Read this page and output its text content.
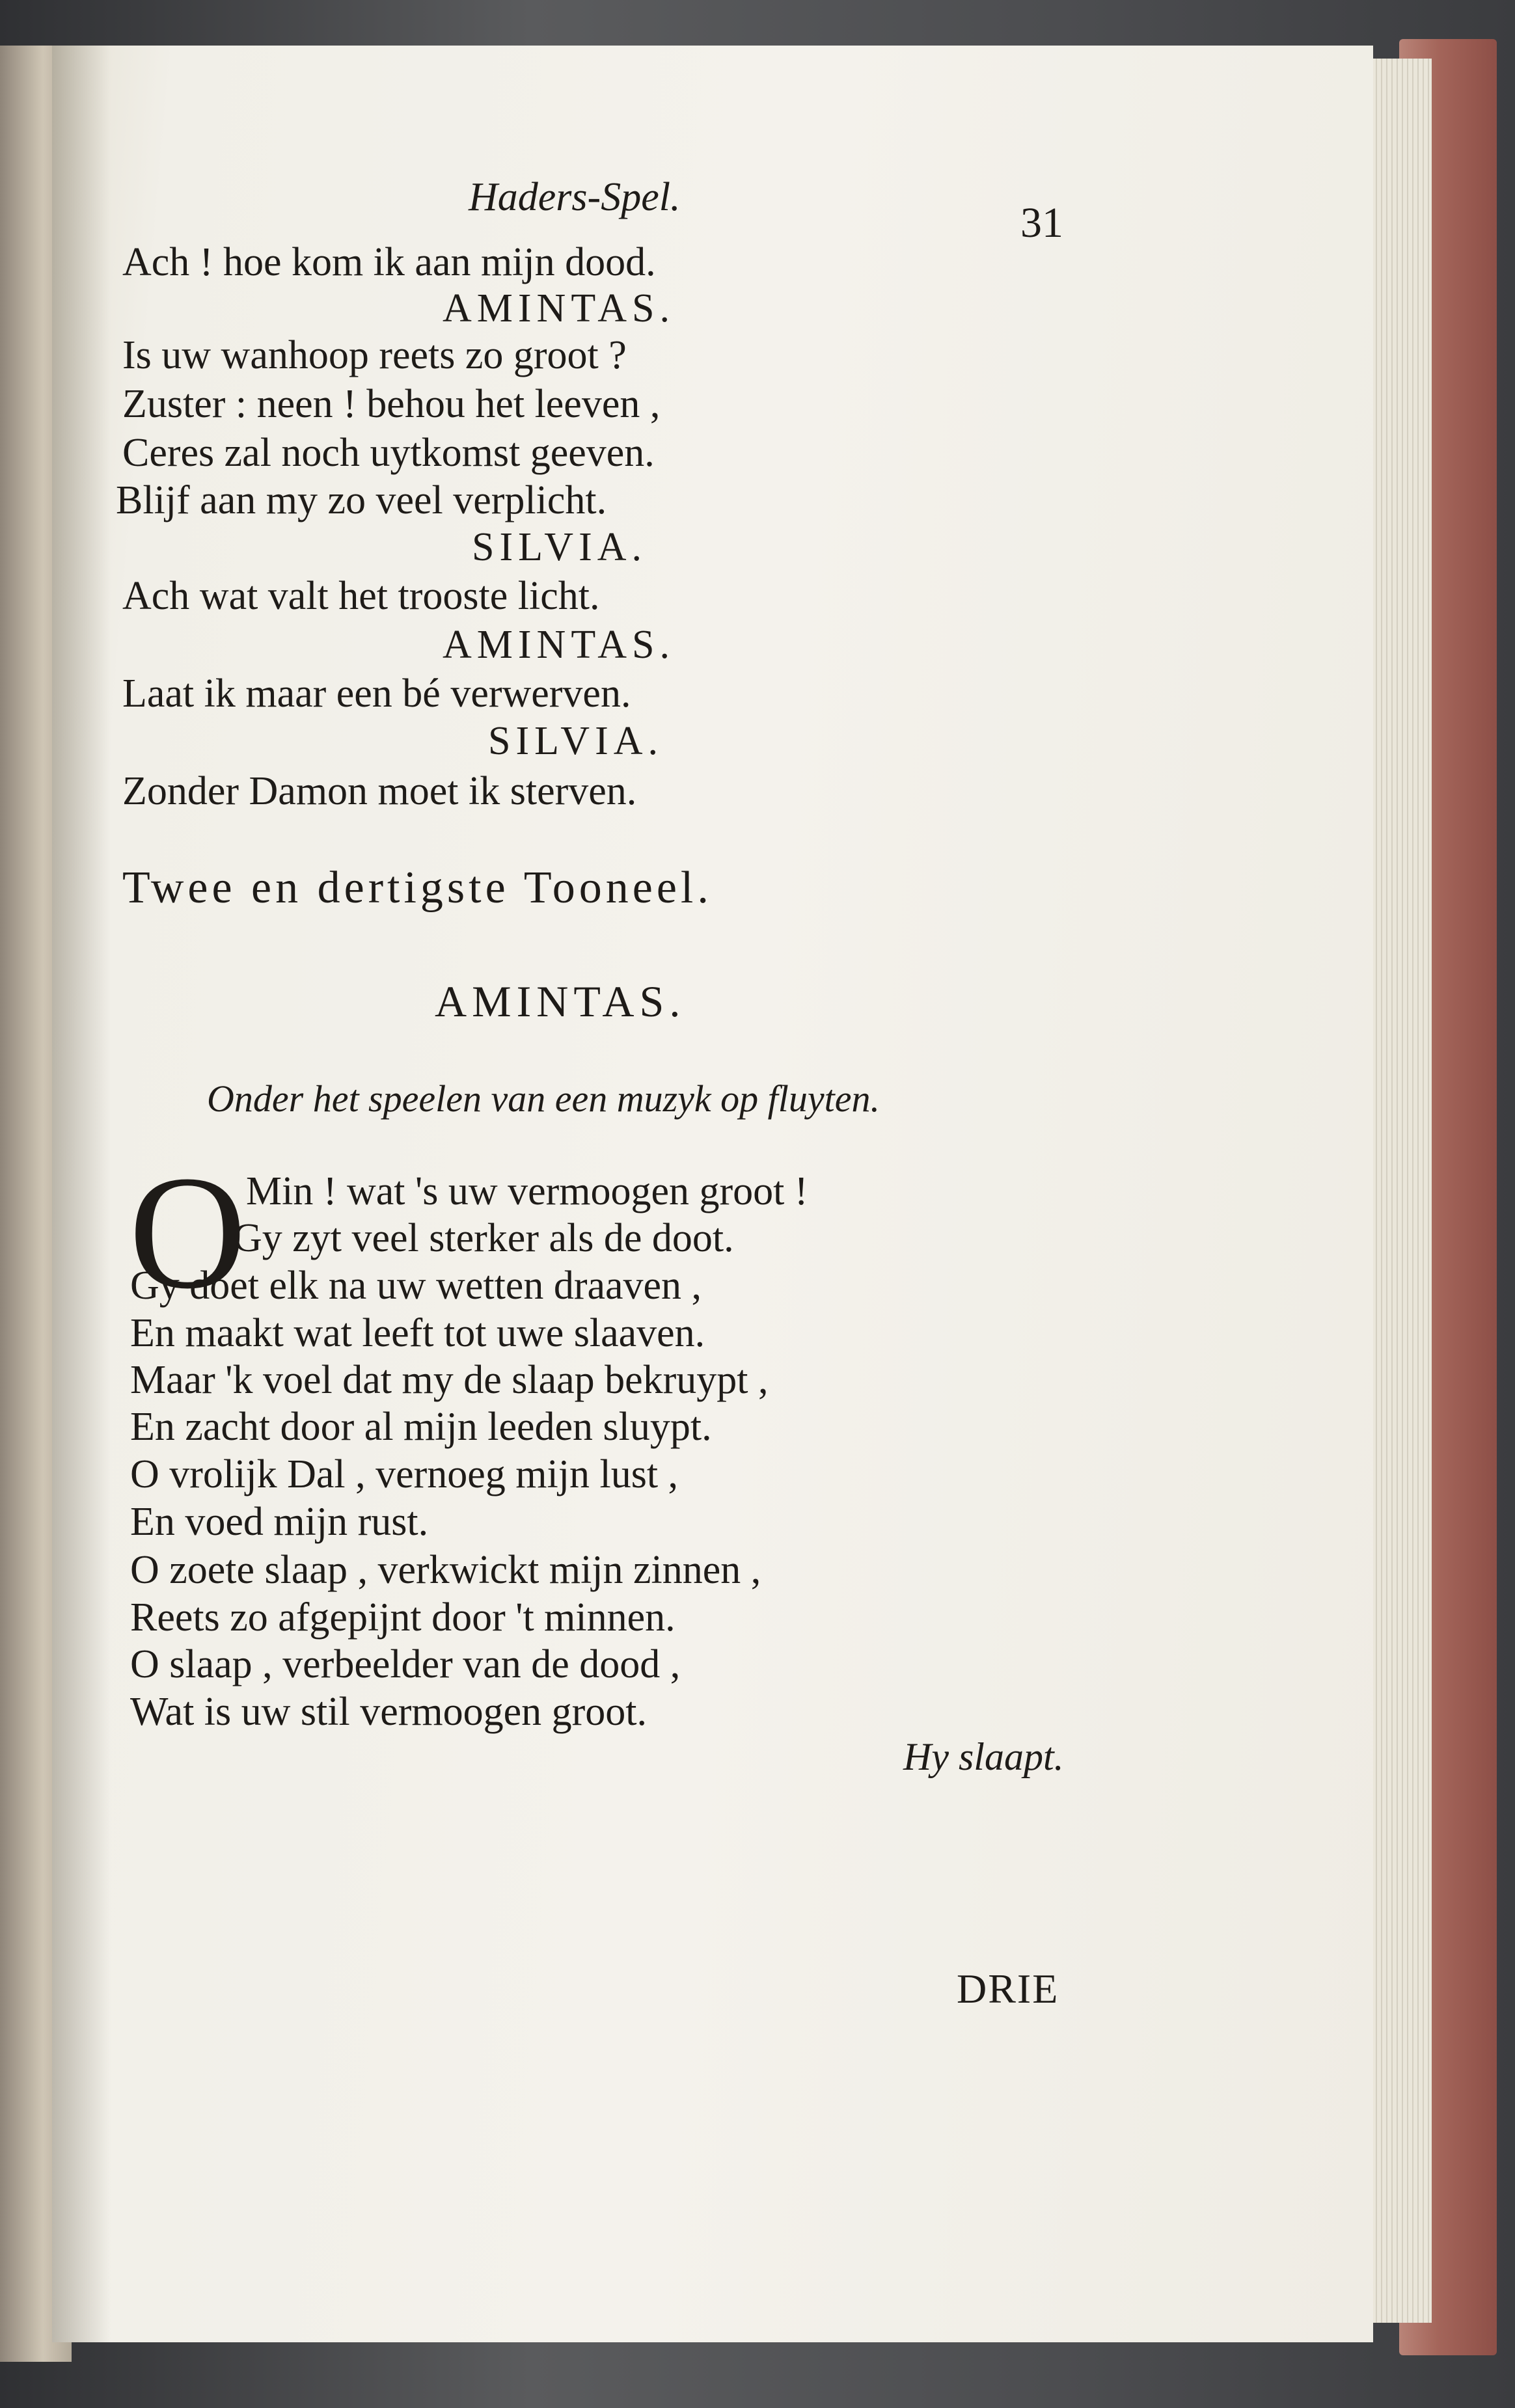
Haders-Spel.
31
Ach ! hoe kom ik aan mijn dood.
AMINTAS.
Is uw wanhoop reets zo groot ?
Zuster : neen ! behou het leeven ,
Ceres zal noch uytkomst geeven.
Blijf aan my zo veel verplicht.
SILVIA.
Ach wat valt het trooste licht.
AMINTAS.
Laat ik maar een bé verwerven.
SILVIA.
Zonder Damon moet ik sterven.
Twee en dertigste Tooneel.
AMINTAS.
Onder het speelen van een muzyk op fluyten.
O Min ! wat 's uw vermoogen groot !
Gy zyt veel sterker als de doot.
Gy doet elk na uw wetten draaven ,
En maakt wat leeft tot uwe slaaven.
Maar 'k voel dat my de slaap bekruypt ,
En zacht door al mijn leeden sluypt.
O vrolijk Dal , vernoeg mijn lust ,
En voed mijn rust.
O zoete slaap , verkwickt mijn zinnen ,
Reets zo afgepijnt door 't minnen.
O slaap , verbeelder van de dood ,
Wat is uw stil vermoogen groot.
Hy slaapt.
DRIE
